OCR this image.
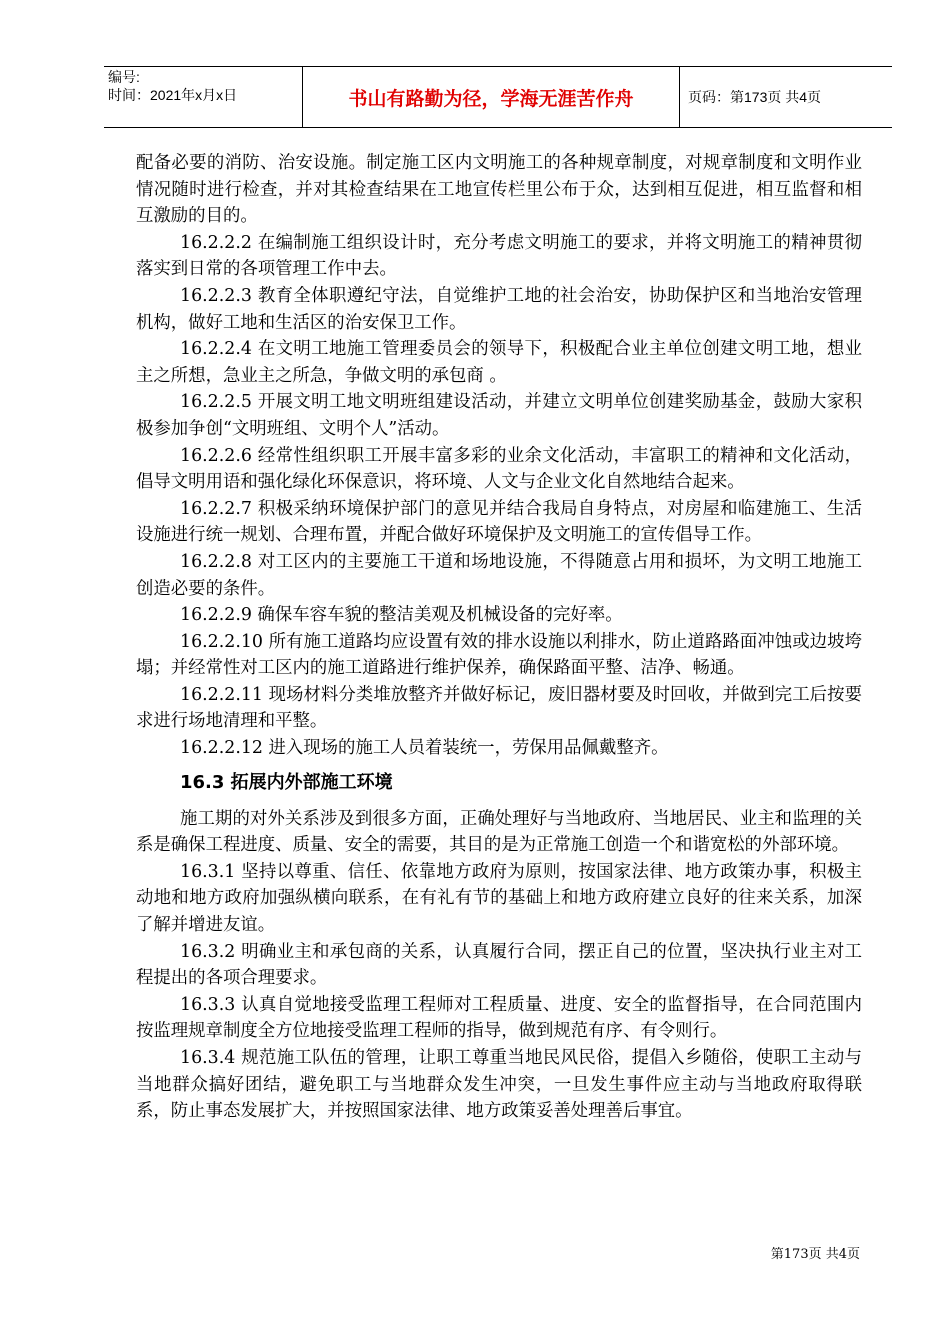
编号:
时间：2021年x月x日	书山有路勤为径，学海无涯苦作舟	页码：第173页 共4页

配备必要的消防、治安设施。制定施工区内文明施工的各种规章制度，对规章制度和文明作业情况随时进行检查，并对其检查结果在工地宣传栏里公布于众，达到相互促进，相互监督和相互激励的目的。

16.2.2.2 在编制施工组织设计时，充分考虑文明施工的要求，并将文明施工的精神贯彻落实到日常的各项管理工作中去。

16.2.2.3 教育全体职遵纪守法，自觉维护工地的社会治安，协助保护区和当地治安管理机构，做好工地和生活区的治安保卫工作。

16.2.2.4 在文明工地施工管理委员会的领导下，积极配合业主单位创建文明工地，想业主之所想，急业主之所急，争做文明的承包商 。

16.2.2.5 开展文明工地文明班组建设活动，并建立文明单位创建奖励基金，鼓励大家积极参加争创“文明班组、文明个人”活动。

16.2.2.6 经常性组织职工开展丰富多彩的业余文化活动，丰富职工的精神和文化活动，倡导文明用语和强化绿化环保意识，将环境、人文与企业文化自然地结合起来。

16.2.2.7 积极采纳环境保护部门的意见并结合我局自身特点，对房屋和临建施工、生活设施进行统一规划、合理布置，并配合做好环境保护及文明施工的宣传倡导工作。

16.2.2.8 对工区内的主要施工干道和场地设施，不得随意占用和损坏，为文明工地施工创造必要的条件。

16.2.2.9 确保车容车貌的整洁美观及机械设备的完好率。

16.2.2.10 所有施工道路均应设置有效的排水设施以利排水，防止道路路面冲蚀或边坡垮塌；并经常性对工区内的施工道路进行维护保养，确保路面平整、洁净、畅通。

16.2.2.11 现场材料分类堆放整齐并做好标记，废旧器材要及时回收，并做到完工后按要求进行场地清理和平整。

16.2.2.12 进入现场的施工人员着装统一，劳保用品佩戴整齐。

16.3 拓展内外部施工环境

施工期的对外关系涉及到很多方面，正确处理好与当地政府、当地居民、业主和监理的关系是确保工程进度、质量、安全的需要，其目的是为正常施工创造一个和谐宽松的外部环境。

16.3.1 坚持以尊重、信任、依靠地方政府为原则，按国家法律、地方政策办事，积极主动地和地方政府加强纵横向联系，在有礼有节的基础上和地方政府建立良好的往来关系，加深了解并增进友谊。

16.3.2 明确业主和承包商的关系，认真履行合同，摆正自己的位置，坚决执行业主对工程提出的各项合理要求。

16.3.3 认真自觉地接受监理工程师对工程质量、进度、安全的监督指导，在合同范围内按监理规章制度全方位地接受监理工程师的指导，做到规范有序、有令则行。

16.3.4 规范施工队伍的管理，让职工尊重当地民风民俗，提倡入乡随俗，使职工主动与当地群众搞好团结，避免职工与当地群众发生冲突，一旦发生事件应主动与当地政府取得联系，防止事态发展扩大，并按照国家法律、地方政策妥善处理善后事宜。

第173页 共4页
